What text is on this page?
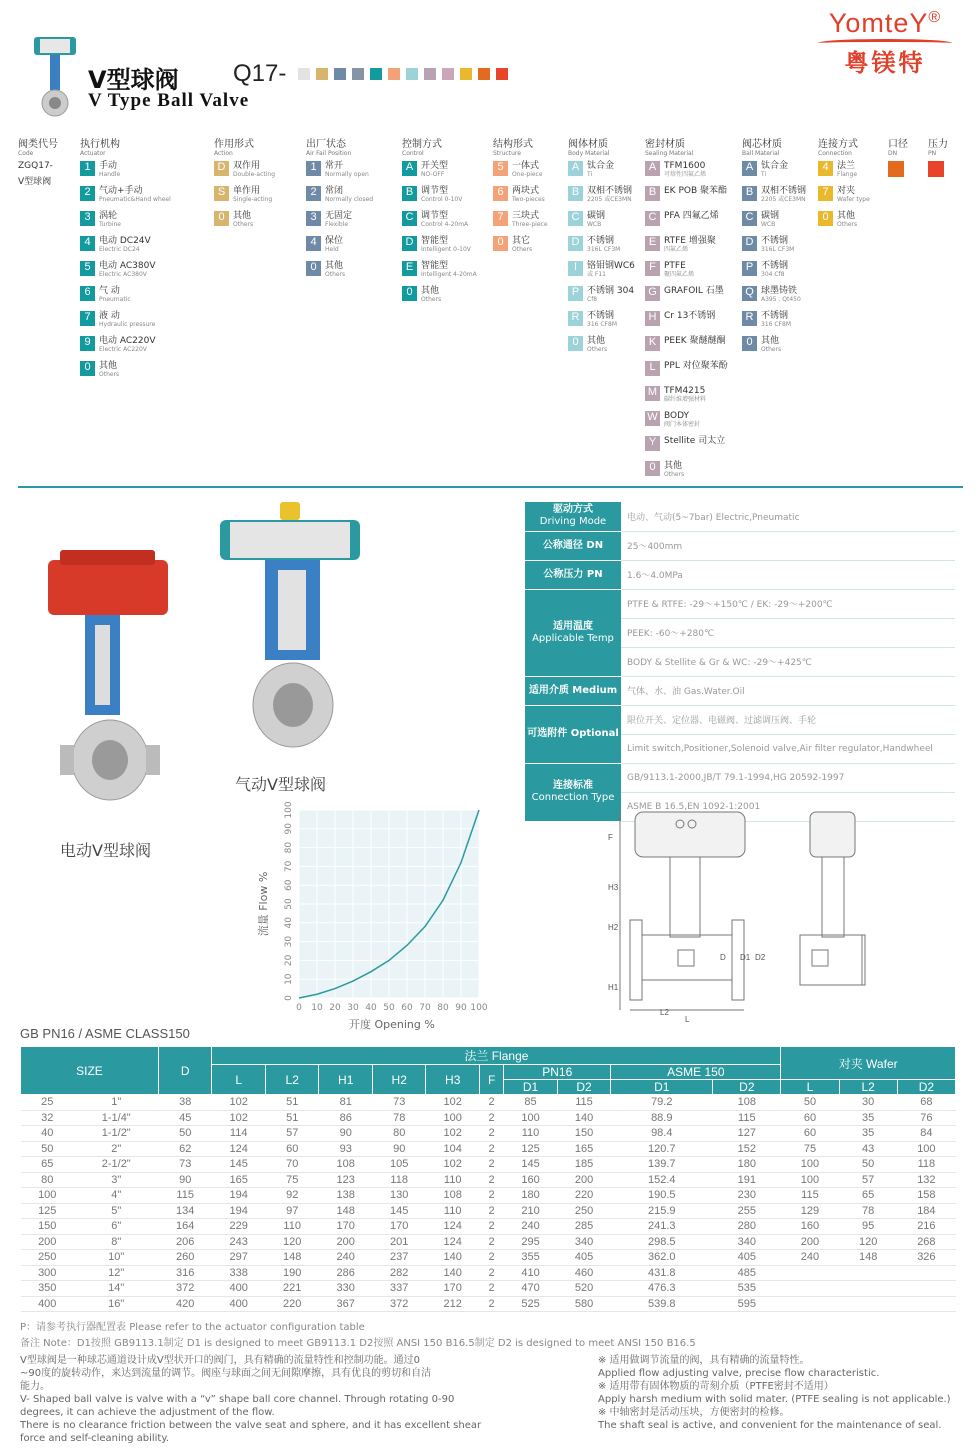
YomteY®
粤镁特
V型球阀
V Type Ball Valve
Q17-
阀类代号
Code
ZGQ17-
V型球阀
执行机构
Actuator
1 手动
Handle
2 气动+手动
Pneumatic&Hand wheel
3 涡轮
Turbine
4 电动 DC24V
Electric DC24
5 电动 AC380V
Electric AC380V
6 气 动
Pneumatic
7 液 动
Hydraulic pressure
9 电动 AC220V
Electric AC220V
0 其他
Others
作用形式
Action
D 双作用
Double-acting
S 单作用
Single-acting
0 其他
Others
出厂状态
Air Fail Position
1 常开
Normally open
2 常闭
Normally closed
3 无固定
Flexible
4 保位
Held
0 其他
Others
控制方式
Control
A 开关型
NO-OFF
B 调节型
Control 0-10V
C 调节型
Control 4-20mA
D 智能型
Intelligent 0-10V
E 智能型
Intelligent 4-20mA
0 其他
Others
结构形式
Structure
5 一体式
One-piece
6 两块式
Two-pieces
7 三块式
Three-piece
0 其它
Others
阀体材质
Body Material
A 钛合金
Ti
B 双相不锈钢
2205 或CE3MN
C 碳钢
WCB
D 不锈钢
316L CF3M
I	铬钼钢WC6
或 F11
P 不锈钢 304
Cf8
R 不锈钢
316 CF8M
0 其他
Others
密封材质
Sealing Material
A TFM1600
可熔性四氟乙烯
B EK POB 聚苯酯
C PFA 四氟乙烯
E RTFE 增强聚
四氟乙烯
F PTFE
聚四氟乙烯
G GRAFOIL 石墨
H Cr 13不锈钢
K PEEK 聚醚醚酮
L PPL 对位聚苯酚
M TFM4215
碳纤维增强材料
W BODY
阀门本体密封
Y Stellite 司太立
0 其他
Others
阀芯材质
Ball Material
A 钛合金
Ti
B 双相不锈钢
2205 或CE3MN
C 碳钢
WCB
D 不锈钢
316L CF3M
P 不锈钢
304 Cf8
Q 球墨铸铁
A395 . Qt450
R 不锈钢
316 CF8M
0 其他
Others
连接方式
Connection
4 法兰
Flange
7 对夹
Wafer type
0 其他
Others
口径
DN
压力
PN
电动V型球阀
气动V型球阀
驱动方式
Driving Mode	电动、气动(5~7bar) Electric,Pneumatic

公称通径 DN	25～400mm

公称压力 PN	1.6～4.0MPa

适用温度
Applicable Temp	PTFE & RTFE: -29～+150℃ / EK: -29～+200℃
	PEEK: -60～+280℃
	BODY & Stellite & Gr & WC: -29～+425℃

适用介质 Medium	气体、水、油 Gas.Water.Oil

可选附件 Optional	限位开关、定位器、电磁阀、过滤调压阀、手轮
	Limit switch,Positioner,Solenoid valve,Air filter regulator,Handwheel

连接标准
Connection Type	GB/9113.1-2000,JB/T 79.1-1994,HG 20592-1997
	ASME B 16.5,EN 1092-1:2001
0 10 20 30 40 50 60 70 80 90 100
0
10
20
30
40
50
60
70
80
90
100
开度 Opening %
流量 Flow %
F
H3
H2
H1
L
L2
D D1 D2
GB PN16 / ASME CLASS150
SIZE		D	法兰 Flange										对夹 Wafer		
			L	L2	H1	H2	H3	F	PN16		ASME 150				
									D1	D2	D1	D2	L	L2	D2
25	1"	38	102	51	81	73	102	2	85	115	79.2	108	50	30	68
32	1-1/4"	45	102	51	86	78	100	2	100	140	88.9	115	60	35	76
40	1-1/2"	50	114	57	90	80	102	2	110	150	98.4	127	60	35	84
50	2"	62	124	60	93	90	104	2	125	165	120.7	152	75	43	100
65	2-1/2"	73	145	70	108	105	102	2	145	185	139.7	180	100	50	118
80	3"	90	165	75	123	118	110	2	160	200	152.4	191	100	57	132
100	4"	115	194	92	138	130	108	2	180	220	190.5	230	115	65	158
125	5"	134	194	97	148	145	110	2	210	250	215.9	255	129	78	184
150	6"	164	229	110	170	170	124	2	240	285	241.3	280	160	95	216
200	8"	206	243	120	200	201	124	2	295	340	298.5	340	200	120	268
250	10"	260	297	148	240	237	140	2	355	405	362.0	405	240	148	326
300	12"	316	338	190	286	282	140	2	410	460	431.8	485			
350	14"	372	400	221	330	337	170	2	470	520	476.3	535			
400	16"	420	400	220	367	372	212	2	525	580	539.8	595			
P：请参考执行器配置表 Please refer to the actuator configuration table
备注 Note：D1按照 GB9113.1制定 D1 is designed to meet GB9113.1 D2按照 ANSI 150 B16.5制定 D2 is designed to meet ANSI 150 B16.5
V型球阀是一种球芯通道设计成V型状开口的阀门，具有精确的流量特性和控制功能。通过0
~90度的旋转动作，来达到流量的调节。阀座与球面之间无间隙摩擦，具有优良的剪切和自洁
能力。
V- Shaped ball valve is valve with a “v” shape ball core channel. Through rotating 0-90
degrees, it can achieve the adjustment of the flow.
There is no clearance friction between the valve seat and sphere, and it has excellent shear
force and self-cleaning ability.
※ 适用做调节流量的阀，具有精确的流量特性。
Applied flow adjusting valve, precise flow characteristic.
※ 适用带有固体物质的苛刻介质（PTFE密封不适用）
Apply harsh medium with solid mater. (PTFE sealing is not applicable.)
※ 中轴密封是活动压块，方便密封的检修。
The shaft seal is active, and convenient for the maintenance of seal.
